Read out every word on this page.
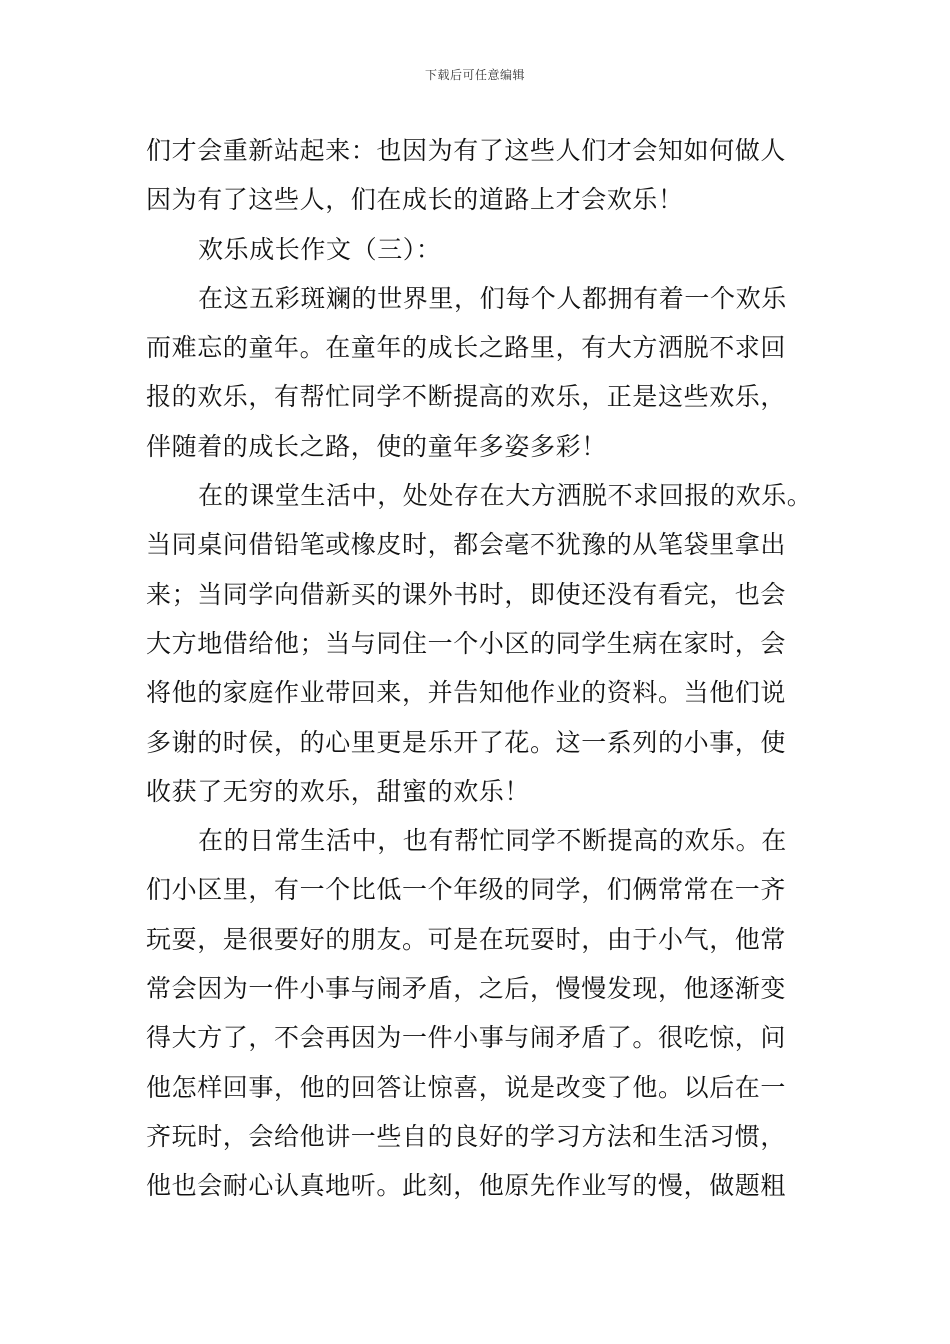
下载后可任意编辑
们才会重新站起来：也因为有了这些人们才会知如何做人
因为有了这些人，们在成长的道路上才会欢乐！
欢乐成长作文（三）：
在这五彩斑斓的世界里，们每个人都拥有着一个欢乐
而难忘的童年。在童年的成长之路里，有大方洒脱不求回
报的欢乐，有帮忙同学不断提高的欢乐，正是这些欢乐，
伴随着的成长之路，使的童年多姿多彩！
在的课堂生活中，处处存在大方洒脱不求回报的欢乐。
当同桌问借铅笔或橡皮时，都会毫不犹豫的从笔袋里拿出
来；当同学向借新买的课外书时，即使还没有看完，也会
大方地借给他；当与同住一个小区的同学生病在家时，会
将他的家庭作业带回来，并告知他作业的资料。当他们说
多谢的时侯，的心里更是乐开了花。这一系列的小事，使
收获了无穷的欢乐，甜蜜的欢乐！
在的日常生活中，也有帮忙同学不断提高的欢乐。在
们小区里，有一个比低一个年级的同学，们俩常常在一齐
玩耍，是很要好的朋友。可是在玩耍时，由于小气，他常
常会因为一件小事与闹矛盾，之后，慢慢发现，他逐渐变
得大方了，不会再因为一件小事与闹矛盾了。很吃惊，问
他怎样回事，他的回答让惊喜，说是改变了他。以后在一
齐玩时，会给他讲一些自的良好的学习方法和生活习惯，
他也会耐心认真地听。此刻，他原先作业写的慢，做题粗
